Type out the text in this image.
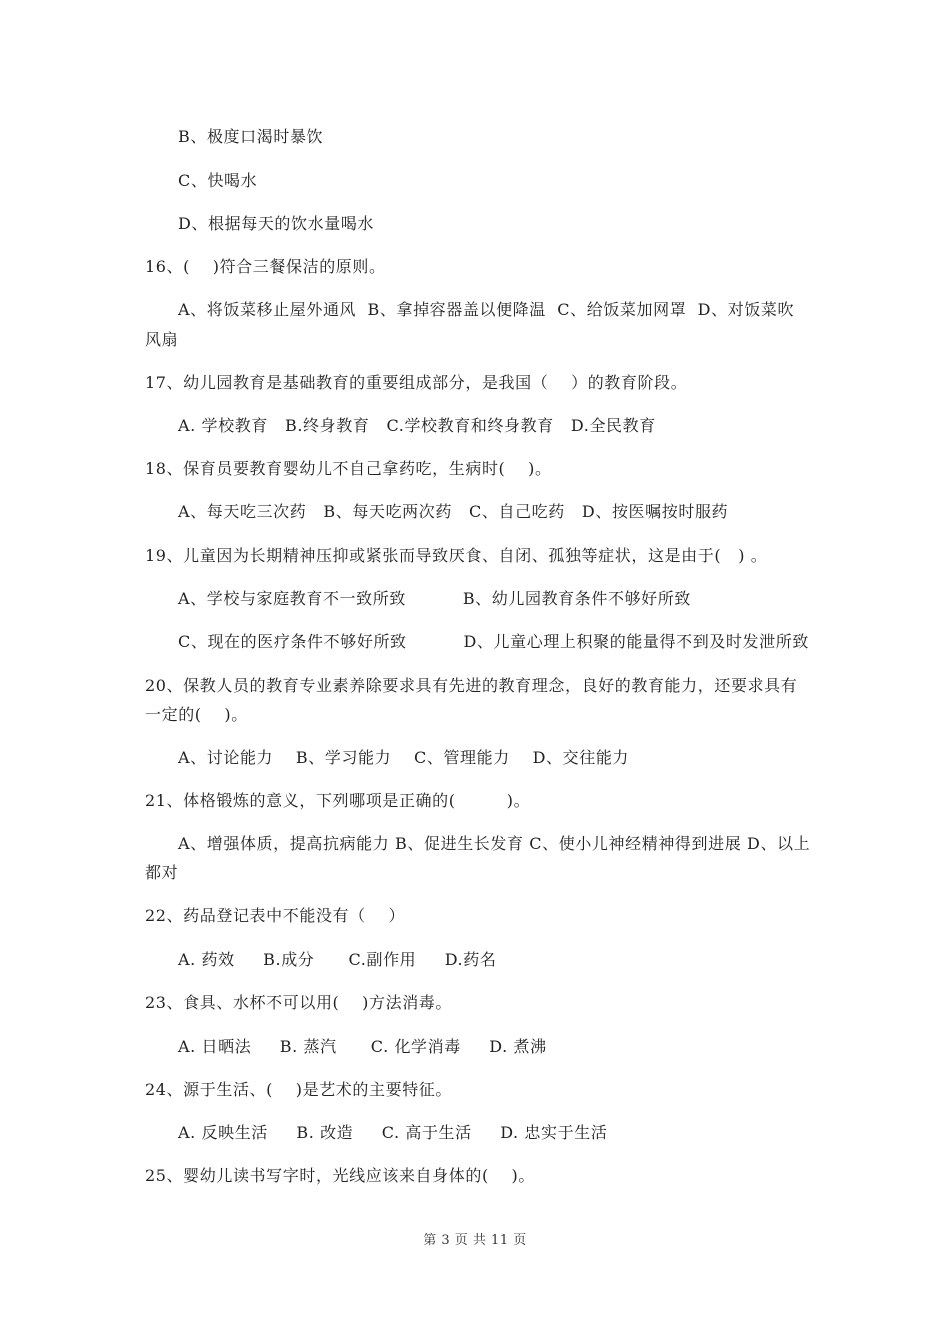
B、极度口渴时暴饮
C、快喝水
D、根据每天的饮水量喝水
16、(    )符合三餐保洁的原则。
A、将饭菜移止屋外通风  B、拿掉容器盖以便降温  C、给饭菜加网罩  D、对饭菜吹
风扇
17、幼儿园教育是基础教育的重要组成部分，是我国（    ）的教育阶段。
A. 学校教育   B.终身教育   C.学校教育和终身教育   D.全民教育
18、保育员要教育婴幼儿不自己拿药吃，生病时(    )。
A、每天吃三次药   B、每天吃两次药   C、自己吃药   D、按医嘱按时服药
19、儿童因为长期精神压抑或紧张而导致厌食、自闭、孤独等症状，这是由于(   ) 。
A、学校与家庭教育不一致所致          B、幼儿园教育条件不够好所致
C、现在的医疗条件不够好所致          D、儿童心理上积聚的能量得不到及时发泄所致
20、保教人员的教育专业素养除要求具有先进的教育理念，良好的教育能力，还要求具有
一定的(    )。
A、讨论能力    B、学习能力    C、管理能力    D、交往能力
21、体格锻炼的意义，下列哪项是正确的(         )。
A、增强体质，提高抗病能力 B、促进生长发育 C、使小儿神经精神得到进展 D、以上
都对
22、药品登记表中不能没有（    ）
A. 药效     B.成分      C.副作用     D.药名
23、食具、水杯不可以用(    )方法消毒。
A. 日晒法     B. 蒸汽      C. 化学消毒     D. 煮沸
24、源于生活、(    )是艺术的主要特征。
A. 反映生活     B. 改造     C. 高于生活     D. 忠实于生活
25、婴幼儿读书写字时，光线应该来自身体的(    )。
第 3 页 共 11 页
